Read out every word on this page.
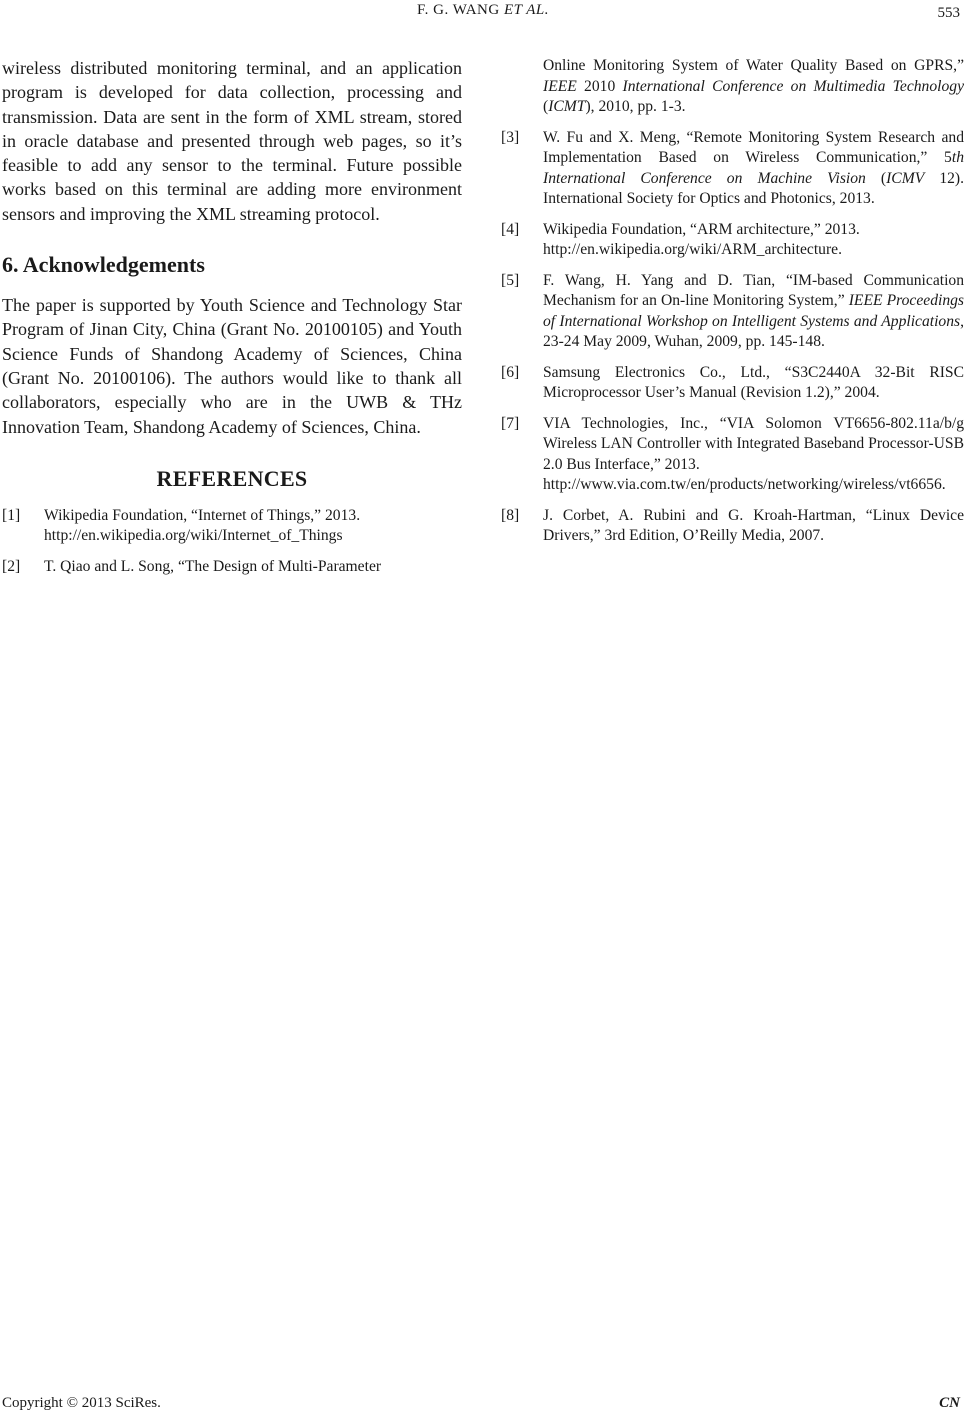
F. G. WANG ET AL.	553

wireless distributed monitoring terminal, and an application program is developed for data collection, processing and transmission. Data are sent in the form of XML stream, stored in oracle database and presented through web pages, so it’s feasible to add any sensor to the terminal. Future possible works based on this terminal are adding more environment sensors and improving the XML streaming protocol.

6. Acknowledgements

The paper is supported by Youth Science and Technology Star Program of Jinan City, China (Grant No. 20100105) and Youth Science Funds of Shandong Academy of Sciences, China (Grant No. 20100106). The authors would like to thank all collaborators, especially who are in the UWB & THz Innovation Team, Shandong Academy of Sciences, China.

REFERENCES
[1] Wikipedia Foundation, “Internet of Things,” 2013.
http://en.wikipedia.org/wiki/Internet_of_Things
[2] T. Qiao and L. Song, “The Design of Multi-Parameter
Online Monitoring System of Water Quality Based on GPRS,” IEEE 2010 International Conference on Multimedia Technology (ICMT), 2010, pp. 1-3.
[3] W. Fu and X. Meng, “Remote Monitoring System Research and Implementation Based on Wireless Communication,” 5th International Conference on Machine Vision (ICMV 12). International Society for Optics and Photonics, 2013.
[4] Wikipedia Foundation, “ARM architecture,” 2013.
http://en.wikipedia.org/wiki/ARM_architecture.
[5] F. Wang, H. Yang and D. Tian, “IM-based Communication Mechanism for an On-line Monitoring System,” IEEE Proceedings of International Workshop on Intelligent Systems and Applications, 23-24 May 2009, Wuhan, 2009, pp. 145-148.
[6] Samsung Electronics Co., Ltd., “S3C2440A 32-Bit RISC Microprocessor User’s Manual (Revision 1.2),” 2004.
[7] VIA Technologies, Inc., “VIA Solomon VT6656-802.11a/b/g Wireless LAN Controller with Integrated Baseband Processor-USB 2.0 Bus Interface,” 2013.
http://www.via.com.tw/en/products/networking/wireless/vt6656.
[8] J. Corbet, A. Rubini and G. Kroah-Hartman, “Linux Device Drivers,” 3rd Edition, O’Reilly Media, 2007.
Copyright © 2013 SciRes.	CN
